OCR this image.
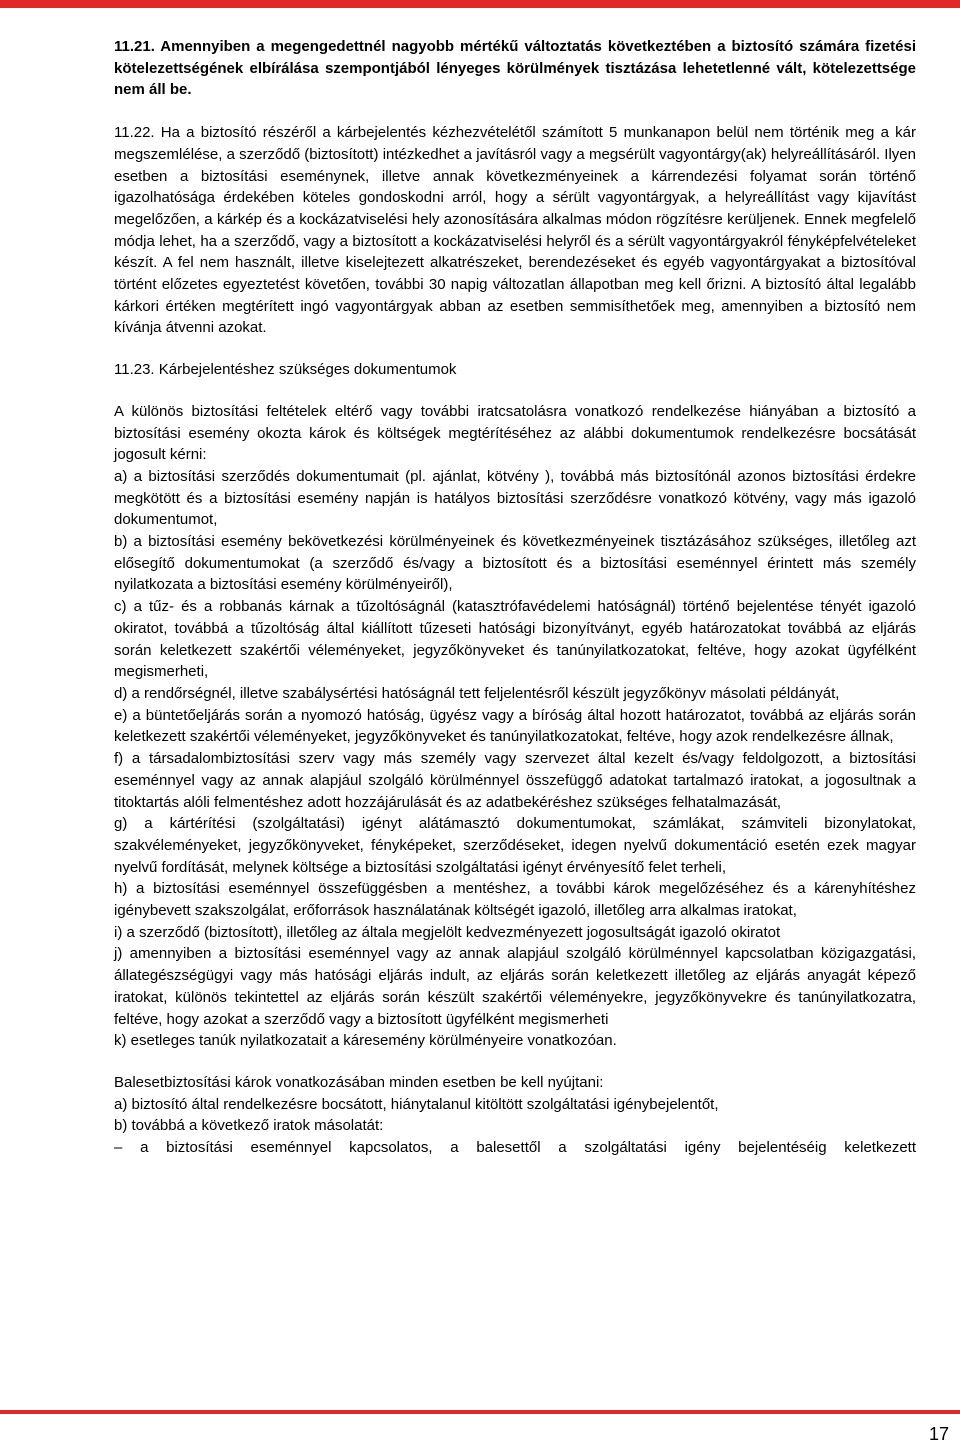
11.21. Amennyiben a megengedettnél nagyobb mértékű változtatás következtében a biztosító számára fizetési kötelezettségének elbírálása szempontjából lényeges körülmények tisztázása lehetetlenné vált, kötelezettsége nem áll be.

11.22. Ha a biztosító részéről a kárbejelentés kézhezvételétől számított 5 munkanapon belül nem történik meg a kár megszemlélése, a szerződő (biztosított) intézkedhet a javításról vagy a megsérült vagyontárgy(ak) helyreállításáról. Ilyen esetben a biztosítási eseménynek, illetve annak következményeinek a kárrendezési folyamat során történő igazolhatósága érdekében köteles gondoskodni arról, hogy a sérült vagyontárgyak, a helyreállítást vagy kijavítást megelőzően, a kárkép és a kockázatviselési hely azonosítására alkalmas módon rögzítésre kerüljenek. Ennek megfelelő módja lehet, ha a szerződő, vagy a biztosított a kockázatviselési helyről és a sérült vagyontárgyakról fényképfelvételeket készít. A fel nem használt, illetve kiselejtezett alkatrészeket, berendezéseket és egyéb vagyontárgyakat a biztosítóval történt előzetes egyeztetést követően, további 30 napig változatlan állapotban meg kell őrizni. A biztosító által legalább kárkori értéken megtérített ingó vagyontárgyak abban az esetben semmisíthetőek meg, amennyiben a biztosító nem kívánja átvenni azokat.

11.23. Kárbejelentéshez szükséges dokumentumok

A különös biztosítási feltételek eltérő vagy további iratcsatolásra vonatkozó rendelkezése hiányában a biztosító a biztosítási esemény okozta károk és költségek megtérítéséhez az alábbi dokumentumok rendelkezésre bocsátását jogosult kérni:

a) a biztosítási szerződés dokumentumait (pl. ajánlat, kötvény ), továbbá más biztosítónál azonos biztosítási érdekre megkötött és a biztosítási esemény napján is hatályos biztosítási szerződésre vonatkozó kötvény, vagy más igazoló dokumentumot,

b) a biztosítási esemény bekövetkezési körülményeinek és következményeinek tisztázásához szükséges, illetőleg azt elősegítő dokumentumokat (a szerződő és/vagy a biztosított és a biztosítási eseménnyel érintett más személy nyilatkozata a biztosítási esemény körülményeiről),

c) a tűz- és a robbanás kárnak a tűzoltóságnál (katasztrófavédelemi hatóságnál) történő bejelentése tényét igazoló okiratot, továbbá a tűzoltóság által kiállított tűzeseti hatósági bizonyítványt, egyéb határozatokat továbbá az eljárás során keletkezett szakértői véleményeket, jegyzőkönyveket és tanúnyilatkozatokat, feltéve, hogy azokat ügyfélként megismerheti,

d) a rendőrségnél, illetve szabálysértési hatóságnál tett feljelentésről készült jegyzőkönyv másolati példányát,

e) a büntetőeljárás során a nyomozó hatóság, ügyész vagy a bíróság által hozott határozatot, továbbá az eljárás során keletkezett szakértői véleményeket, jegyzőkönyveket és tanúnyilatkozatokat, feltéve, hogy azok rendelkezésre állnak,

f) a társadalombiztosítási szerv vagy más személy vagy szervezet által kezelt és/vagy feldolgozott, a biztosítási eseménnyel vagy az annak alapjául szolgáló körülménnyel összefüggő adatokat tartalmazó iratokat, a jogosultnak a titoktartás alóli felmentéshez adott hozzájárulását és az adatbekéréshez szükséges felhatalmazását,

g) a kártérítési (szolgáltatási) igényt alátámasztó dokumentumokat, számlákat, számviteli bizonylatokat, szakvéleményeket, jegyzőkönyveket, fényképeket, szerződéseket, idegen nyelvű dokumentáció esetén ezek magyar nyelvű fordítását, melynek költsége a biztosítási szolgáltatási igényt érvényesítő felet terheli,

h) a biztosítási eseménnyel összefüggésben a mentéshez, a további károk megelőzéséhez és a kárenyhítéshez igénybevett szakszolgálat, erőforrások használatának költségét igazoló, illetőleg arra alkalmas iratokat,

i) a szerződő (biztosított), illetőleg az általa megjelölt kedvezményezett jogosultságát igazoló okiratot

j) amennyiben a biztosítási eseménnyel vagy az annak alapjául szolgáló körülménnyel kapcsolatban közigazgatási, állategészségügyi vagy más hatósági eljárás indult, az eljárás során keletkezett illetőleg az eljárás anyagát képező iratokat, különös tekintettel az eljárás során készült szakértői véleményekre, jegyzőkönyvekre és tanúnyilatkozatra, feltéve, hogy azokat a szerződő vagy a biztosított ügyfélként megismerheti

k) esetleges tanúk nyilatkozatait a káresemény körülményeire vonatkozóan.

Balesetbiztosítási károk vonatkozásában minden esetben be kell nyújtani:

a) biztosító által rendelkezésre bocsátott, hiánytalanul kitöltött szolgáltatási igénybejelentőt,

b) továbbá a következő iratok másolatát:

– a biztosítási eseménnyel kapcsolatos, a balesettől a szolgáltatási igény bejelentéséig keletkezett

17
